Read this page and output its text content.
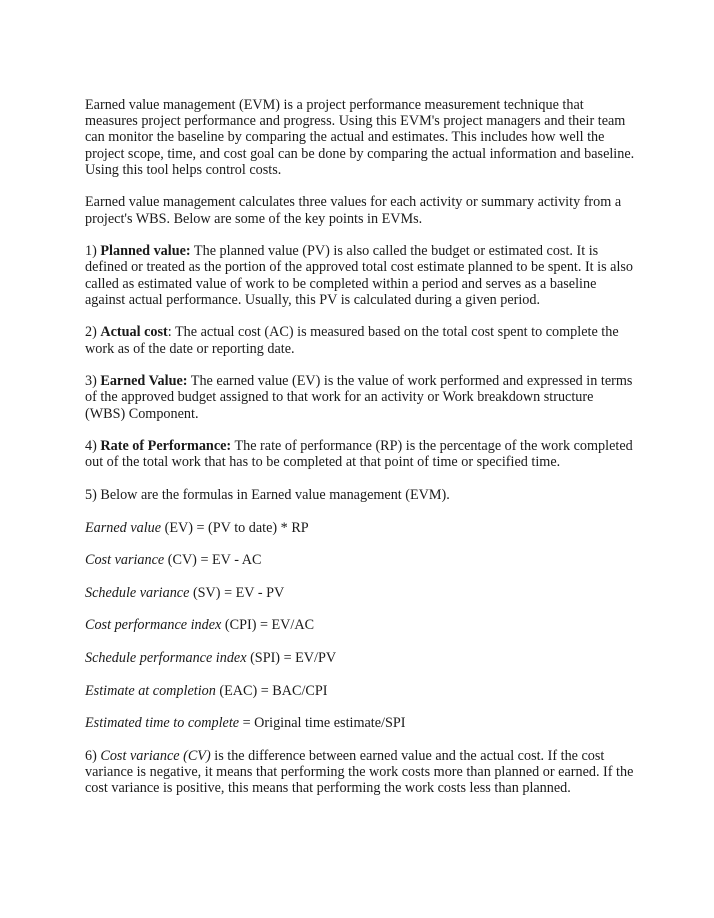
Earned value management (EVM) is a project performance measurement technique that measures project performance and progress. Using this EVM's project managers and their team can monitor the baseline by comparing the actual and estimates. This includes how well the project scope, time, and cost goal can be done by comparing the actual information and baseline. Using this tool helps control costs.

Earned value management calculates three values for each activity or summary activity from a project's WBS. Below are some of the key points in EVMs.

1) Planned value: The planned value (PV) is also called the budget or estimated cost. It is defined or treated as the portion of the approved total cost estimate planned to be spent. It is also called as estimated value of work to be completed within a period and serves as a baseline against actual performance. Usually, this PV is calculated during a given period.

2) Actual cost: The actual cost (AC) is measured based on the total cost spent to complete the work as of the date or reporting date.

3) Earned Value: The earned value (EV) is the value of work performed and expressed in terms of the approved budget assigned to that work for an activity or Work breakdown structure (WBS) Component.

4) Rate of Performance: The rate of performance (RP) is the percentage of the work completed out of the total work that has to be completed at that point of time or specified time.

5) Below are the formulas in Earned value management (EVM).

Earned value (EV) = (PV to date) * RP

Cost variance (CV) = EV - AC

Schedule variance (SV) = EV - PV

Cost performance index (CPI) = EV/AC

Schedule performance index (SPI) = EV/PV

Estimate at completion (EAC) = BAC/CPI

Estimated time to complete = Original time estimate/SPI

6) Cost variance (CV) is the difference between earned value and the actual cost. If the cost variance is negative, it means that performing the work costs more than planned or earned. If the cost variance is positive, this means that performing the work costs less than planned.
